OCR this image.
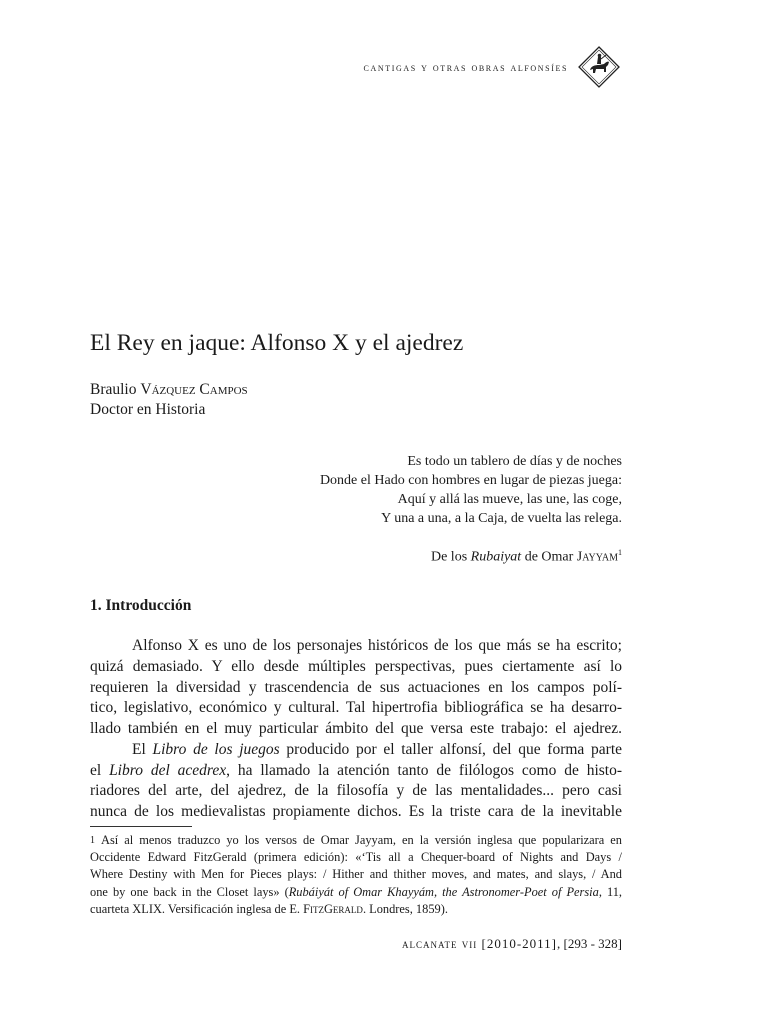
cantigas y otras obras alfonsíes
El Rey en jaque: Alfonso X y el ajedrez
Braulio Vázquez Campos
Doctor en Historia
Es todo un tablero de días y de noches
Donde el Hado con hombres en lugar de piezas juega:
Aquí y allá las mueve, las une, las coge,
Y una a una, a la Caja, de vuelta las relega.
De los Rubaiyat de Omar Jayyam$^1$
1. Introducción
Alfonso X es uno de los personajes históricos de los que más se ha escrito;
quizá demasiado. Y ello desde múltiples perspectivas, pues ciertamente así lo
requieren la diversidad y trascendencia de sus actuaciones en los campos polí-
tico, legislativo, económico y cultural. Tal hipertrofia bibliográfica se ha desarro-
llado también en el muy particular ámbito del que versa este trabajo: el ajedrez.
El Libro de los juegos producido por el taller alfonsí, del que forma parte
el Libro del acedrex, ha llamado la atención tanto de filólogos como de histo-
riadores del arte, del ajedrez, de la filosofía y de las mentalidades... pero casi
nunca de los medievalistas propiamente dichos. Es la triste cara de la inevitable
$^1$ Así al menos traduzco yo los versos de Omar Jayyam, en la versión inglesa que popularizara en
Occidente Edward FitzGerald (primera edición): «‘Tis all a Chequer-board of Nights and Days /
Where Destiny with Men for Pieces plays: / Hither and thither moves, and mates, and slays, / And
one by one back in the Closet lays» (Rubáiyát of Omar Khayyám, the Astronomer-Poet of Persia, 11,
cuarteta XLIX. Versificación inglesa de E. FitzGerald. Londres, 1859).
alcanate vii [2010-2011], [293 - 328]
